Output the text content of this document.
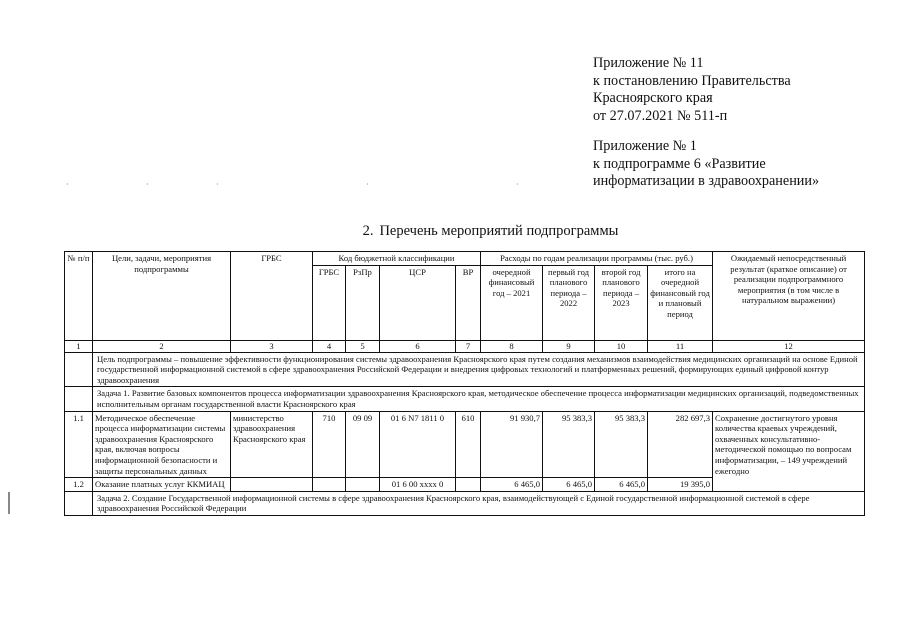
Приложение № 11
к постановлению Правительства
Красноярского края
от 27.07.2021 № 511-п
Приложение № 1
к подпрограмме 6 «Развитие
информатизации в здравоохранении»
·	·	·	·	·
2. Перечень мероприятий подпрограммы
№ п/п	Цели, задачи, мероприятия подпрограммы	ГРБС	Код бюджетной классификации				Расходы по годам реализации программы (тыс. руб.)				Ожидаемый непосредственный результат (краткое описание) от реализации подпрограммного мероприятия (в том числе в натуральном выражении)
			ГРБС	РзПр	ЦСР	ВР	очередной финансовый год – 2021	первый год планового периода – 2022	второй год планового периода – 2023	итого на очередной финансовый год и плановый период	
1	2	3	4	5	6	7	8	9	10	11	12
	Цель подпрограммы – повышение эффективности функционирования системы здравоохранения Красноярского края путем создания механизмов взаимодействия медицинских организаций на основе Единой государственной информационной системой в сфере здравоохранения Российской Федерации и внедрения цифровых технологий и платформенных решений, формирующих единый цифровой контур здравоохранения										
	Задача 1. Развитие базовых компонентов процесса информатизации здравоохранения Красноярского края, методическое обеспечение процесса информатизации медицинских организаций, подведомственных исполнительным органам государственной власти Красноярского края										
1.1	Методическое обеспечение процесса информатизации системы здравоохранения Красноярского края, включая вопросы информационной безопасности и защиты персональных данных	министерство здравоохранения Красноярского края	710	09 09	01 6 N7 1811 0	610	91 930,7	95 383,3	95 383,3	282 697,3	Сохранение достигнутого уровня количества краевых учреждений, охваченных консультативно-методической помощью по вопросам информатизации, – 149 учреждений ежегодно
1.2	Оказание платных услуг ККМИАЦ				01 6 00 xxxx 0		6 465,0	6 465,0	6 465,0	19 395,0	
	Задача 2. Создание Государственной информационной системы в сфере здравоохранения Красноярского края, взаимодействующей с Единой государственной информационной системой в сфере здравоохранения Российской Федерации										
